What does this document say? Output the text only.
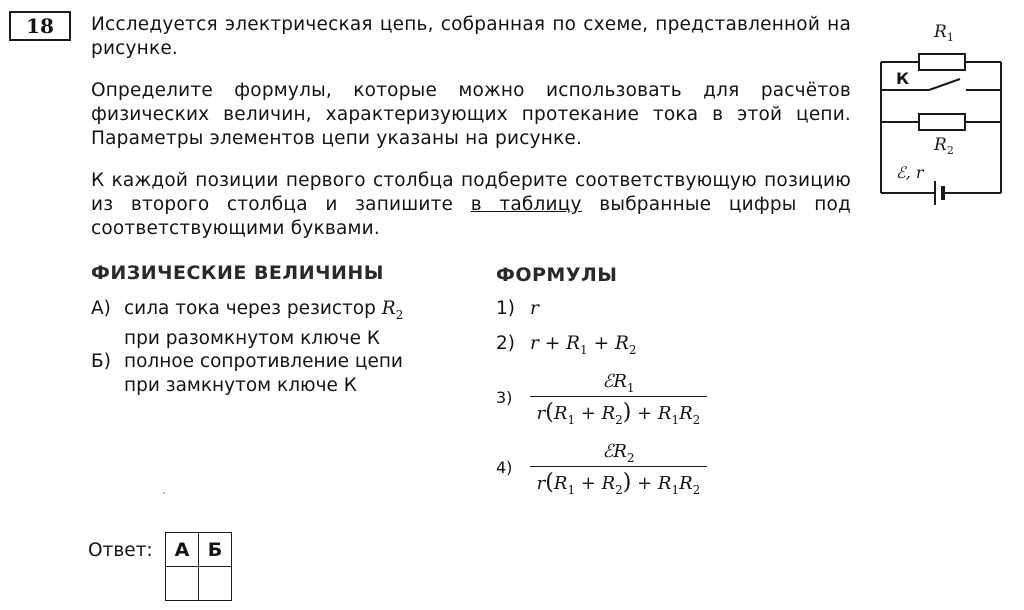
18	Исследуется электрическая цепь, собранная по схеме, представленной на рисунке.

Определите формулы, которые можно использовать для расчётов физических величин, характеризующих протекание тока в этой цепи. Параметры элементов цепи указаны на рисунке.

К каждой позиции первого столбца подберите соответствующую позицию из второго столбца и запишите в таблицу выбранные цифры под соответствующими буквами.

$R_1$
К
$R_2$
ℰ, r
ФИЗИЧЕСКИЕ ВЕЛИЧИНЫ	ФОРМУЛЫ
А) сила тока через резистор $R_2$
при разомкнутом ключе К
Б) полное сопротивление цепи
при замкнутом ключе К
1) r
2) $r + R_1 + R_2$
3)
ℰR$_1$
$r(R_1 + R_2) + R_1R_2$
4)
ℰR$_2$
$r(R_1 + R_2) + R_1R_2$
Ответ: А	Б
